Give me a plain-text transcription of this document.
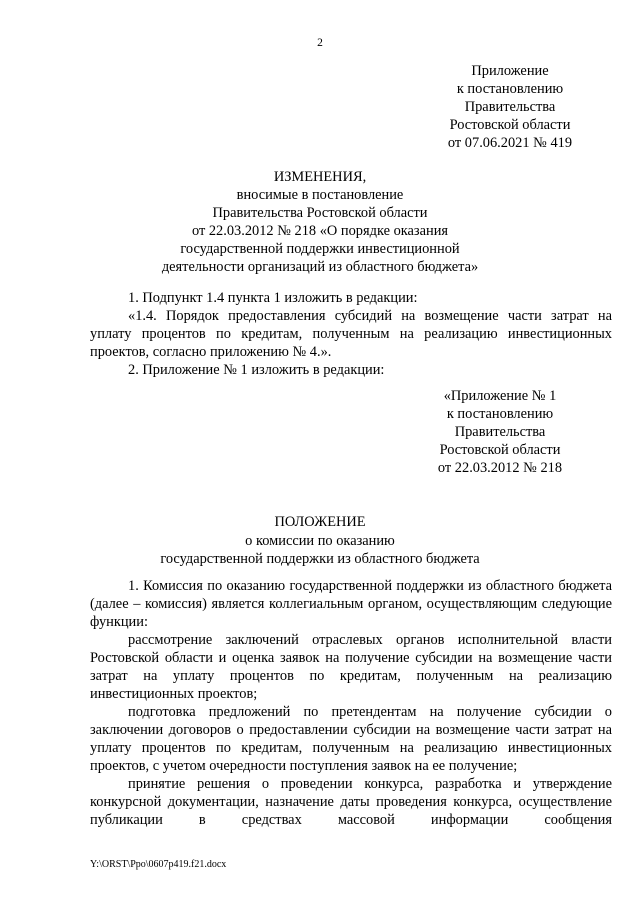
2
Приложение
к постановлению
Правительства
Ростовской области
от 07.06.2021 № 419
ИЗМЕНЕНИЯ,
вносимые в постановление
Правительства Ростовской области
от 22.03.2012 № 218 «О порядке оказания
государственной поддержки инвестиционной
деятельности организаций из областного бюджета»
1. Подпункт 1.4 пункта 1 изложить в редакции:
«1.4. Порядок предоставления субсидий на возмещение части затрат на уплату процентов по кредитам, полученным на реализацию инвестиционных проектов, согласно приложению № 4.».
2. Приложение № 1 изложить в редакции:
«Приложение № 1
к постановлению
Правительства
Ростовской области
от 22.03.2012 № 218
ПОЛОЖЕНИЕ
о комиссии по оказанию
государственной поддержки из областного бюджета
1. Комиссия по оказанию государственной поддержки из областного бюджета (далее – комиссия) является коллегиальным органом, осуществляющим следующие функции:
рассмотрение заключений отраслевых органов исполнительной власти Ростовской области и оценка заявок на получение субсидии на возмещение части затрат на уплату процентов по кредитам, полученным на реализацию инвестиционных проектов;
подготовка предложений по претендентам на получение субсидии о заключении договоров о предоставлении субсидии на возмещение части затрат на уплату процентов по кредитам, полученным на реализацию инвестиционных проектов, с учетом очередности поступления заявок на ее получение;
принятие решения о проведении конкурса, разработка и утверждение конкурсной документации, назначение даты проведения конкурса, осуществление публикации в средствах массовой информации сообщения
Y:\ORST\Ppo\0607p419.f21.docx
